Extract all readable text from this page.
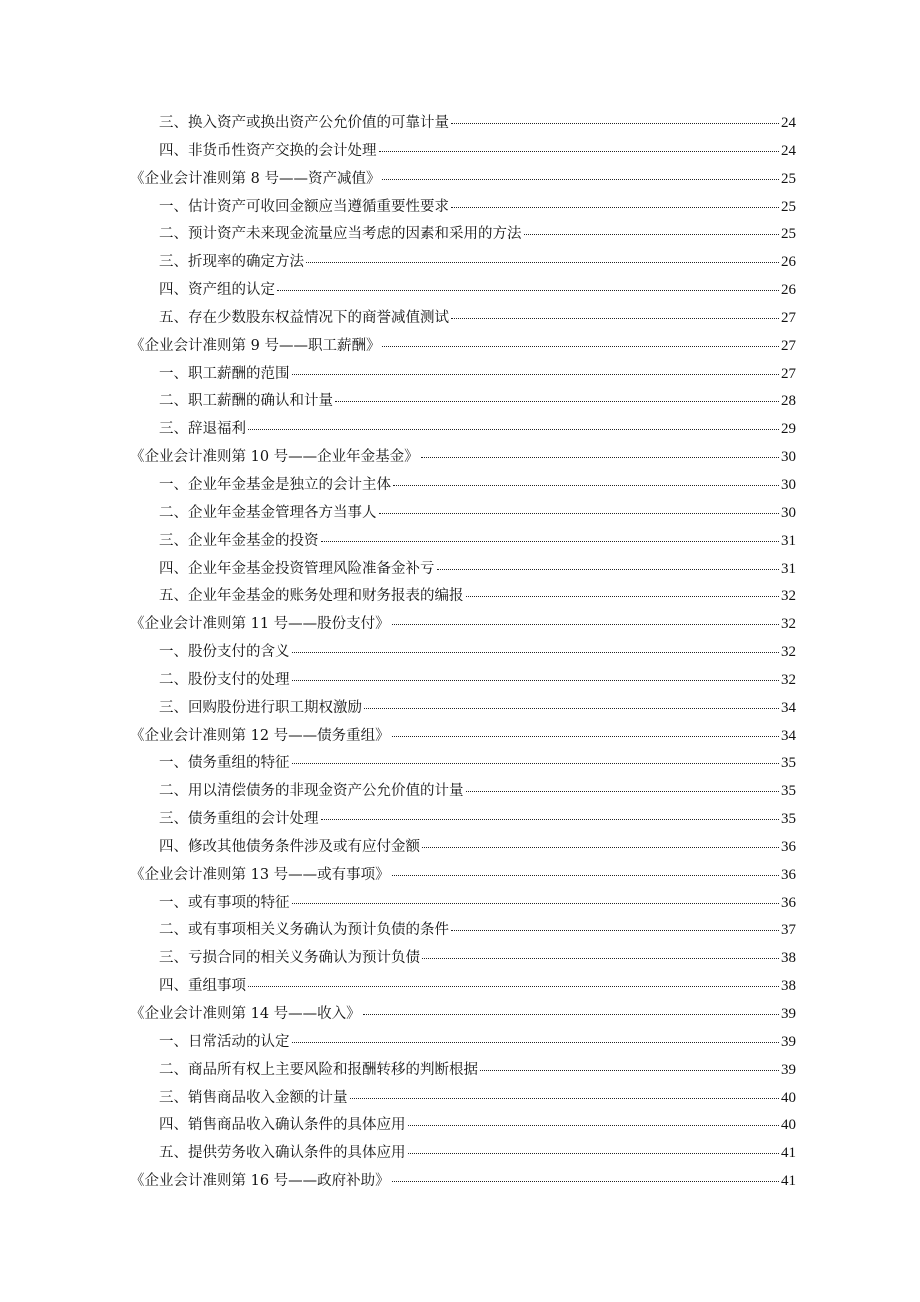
三、换入资产或换出资产公允价值的可靠计量	24
四、非货币性资产交换的会计处理	24
《企业会计准则第 8 号——资产减值》	25
一、估计资产可收回金额应当遵循重要性要求	25
二、预计资产未来现金流量应当考虑的因素和采用的方法	25
三、折现率的确定方法	26
四、资产组的认定	26
五、存在少数股东权益情况下的商誉减值测试	27
《企业会计准则第 9 号——职工薪酬》	27
一、职工薪酬的范围	27
二、职工薪酬的确认和计量	28
三、辞退福利	29
《企业会计准则第 10 号——企业年金基金》	30
一、企业年金基金是独立的会计主体	30
二、企业年金基金管理各方当事人	30
三、企业年金基金的投资	31
四、企业年金基金投资管理风险准备金补亏	31
五、企业年金基金的账务处理和财务报表的编报	32
《企业会计准则第 11 号——股份支付》	32
一、股份支付的含义	32
二、股份支付的处理	32
三、回购股份进行职工期权激励	34
《企业会计准则第 12 号——债务重组》	34
一、债务重组的特征	35
二、用以清偿债务的非现金资产公允价值的计量	35
三、债务重组的会计处理	35
四、修改其他债务条件涉及或有应付金额	36
《企业会计准则第 13 号——或有事项》	36
一、或有事项的特征	36
二、或有事项相关义务确认为预计负债的条件	37
三、亏损合同的相关义务确认为预计负债	38
四、重组事项	38
《企业会计准则第 14 号——收入》	39
一、日常活动的认定	39
二、商品所有权上主要风险和报酬转移的判断根据	39
三、销售商品收入金额的计量	40
四、销售商品收入确认条件的具体应用	40
五、提供劳务收入确认条件的具体应用	41
《企业会计准则第 16 号——政府补助》	41
